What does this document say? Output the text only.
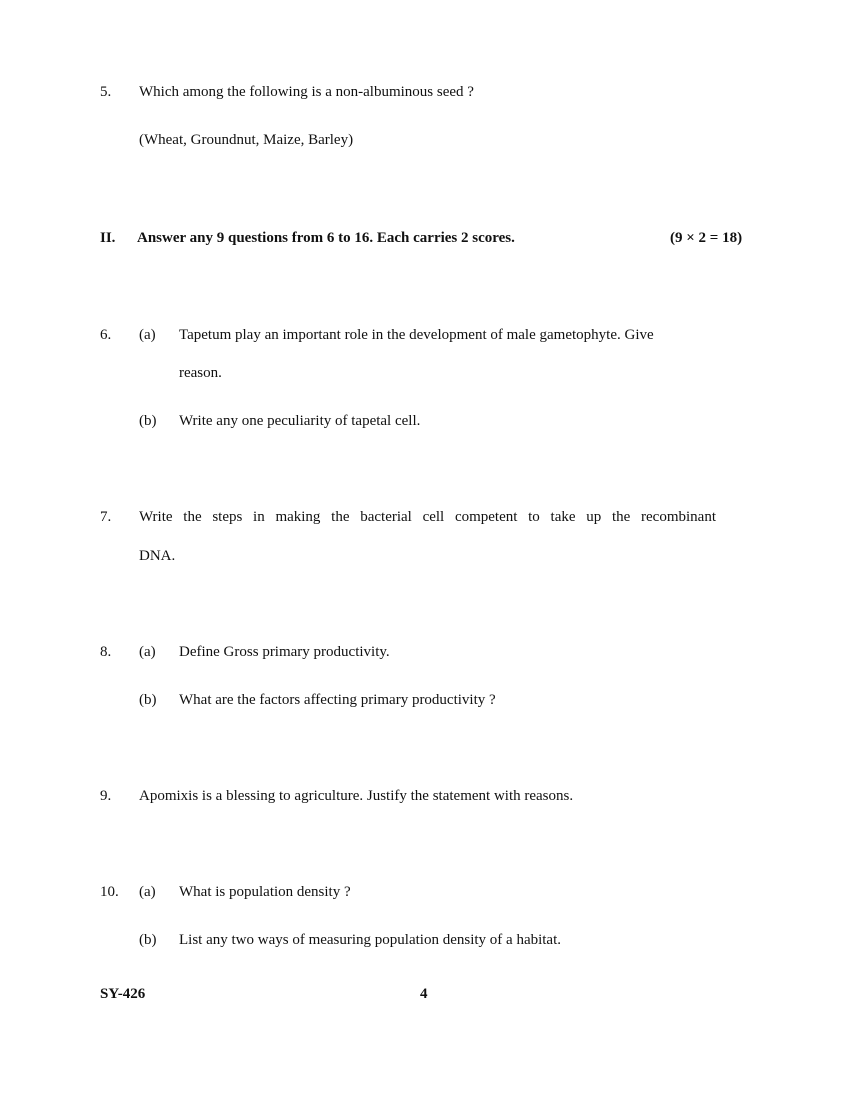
5. Which among the following is a non-albuminous seed ?
(Wheat, Groundnut, Maize, Barley)
II. Answer any 9 questions from 6 to 16. Each carries 2 scores.	(9 × 2 = 18)
6. (a) Tapetum play an important role in the development of male gametophyte. Give
reason.
(b) Write any one peculiarity of tapetal cell.
7. Write the steps in making the bacterial cell competent to take up the recombinant
DNA.
8. (a) Define Gross primary productivity.
(b) What are the factors affecting primary productivity ?
9. Apomixis is a blessing to agriculture. Justify the statement with reasons.
10. (a) What is population density ?
(b) List any two ways of measuring population density of a habitat.
SY-426	4
